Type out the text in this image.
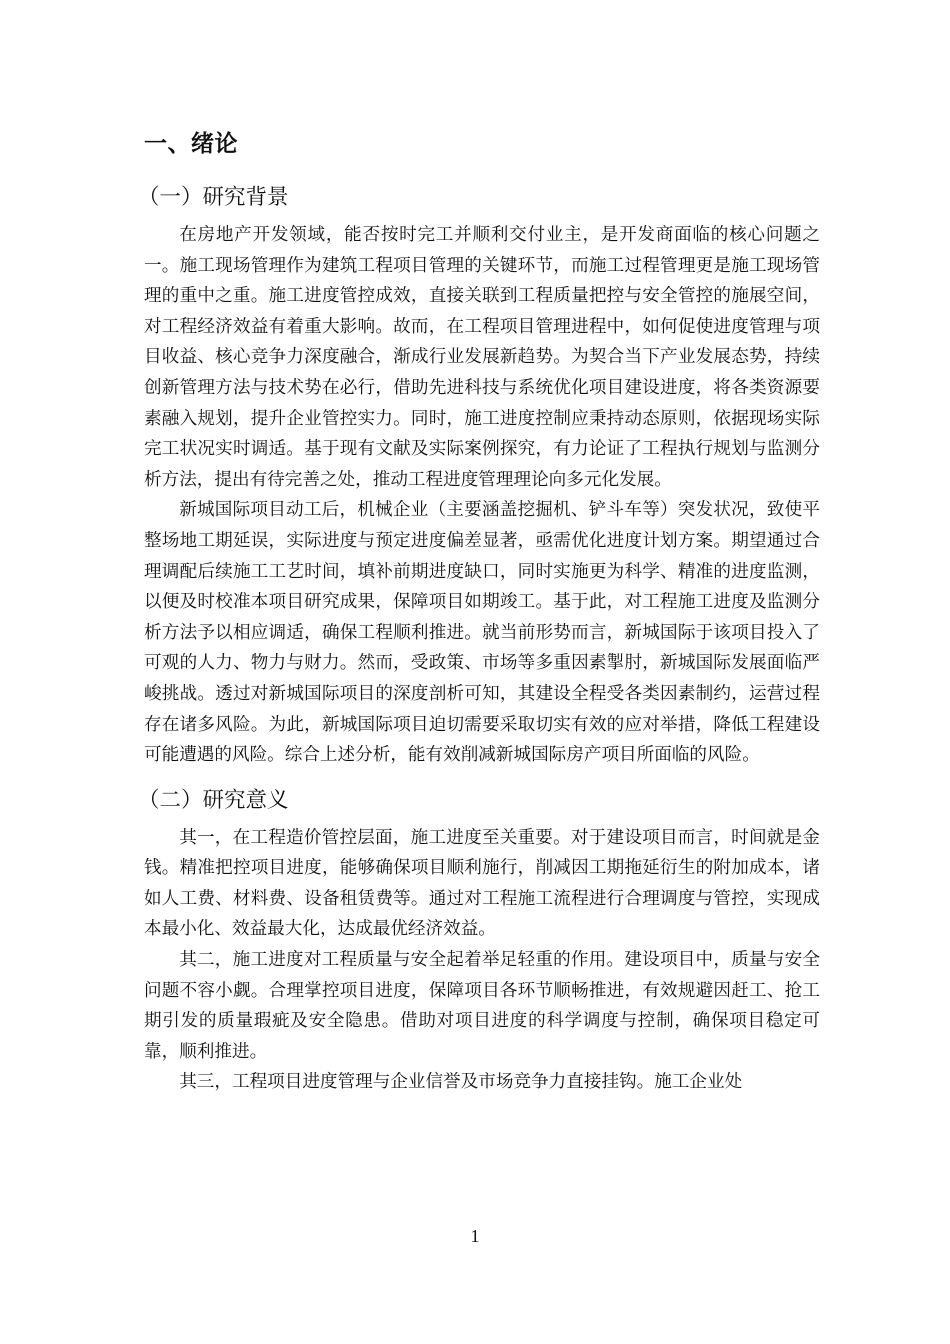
一、绪论
（一）研究背景

在房地产开发领域，能否按时完工并顺利交付业主，是开发商面临的核心问题之一。施工现场管理作为建筑工程项目管理的关键环节，而施工过程管理更是施工现场管理的重中之重。施工进度管控成效，直接关联到工程质量把控与安全管控的施展空间，对工程经济效益有着重大影响。故而，在工程项目管理进程中，如何促使进度管理与项目收益、核心竞争力深度融合，渐成行业发展新趋势。为契合当下产业发展态势，持续创新管理方法与技术势在必行，借助先进科技与系统优化项目建设进度，将各类资源要素融入规划，提升企业管控实力。同时，施工进度控制应秉持动态原则，依据现场实际完工状况实时调适。基于现有文献及实际案例探究，有力论证了工程执行规划与监测分析方法，提出有待完善之处，推动工程进度管理理论向多元化发展。

新城国际项目动工后，机械企业（主要涵盖挖掘机、铲斗车等）突发状况，致使平整场地工期延误，实际进度与预定进度偏差显著，亟需优化进度计划方案。期望通过合理调配后续施工工艺时间，填补前期进度缺口，同时实施更为科学、精准的进度监测，以便及时校准本项目研究成果，保障项目如期竣工。基于此，对工程施工进度及监测分析方法予以相应调适，确保工程顺利推进。就当前形势而言，新城国际于该项目投入了可观的人力、物力与财力。然而，受政策、市场等多重因素掣肘，新城国际发展面临严峻挑战。透过对新城国际项目的深度剖析可知，其建设全程受各类因素制约，运营过程存在诸多风险。为此，新城国际项目迫切需要采取切实有效的应对举措，降低工程建设可能遭遇的风险。综合上述分析，能有效削减新城国际房产项目所面临的风险。

（二）研究意义

其一，在工程造价管控层面，施工进度至关重要。对于建设项目而言，时间就是金钱。精准把控项目进度，能够确保项目顺利施行，削减因工期拖延衍生的附加成本，诸如人工费、材料费、设备租赁费等。通过对工程施工流程进行合理调度与管控，实现成本最小化、效益最大化，达成最优经济效益。

其二，施工进度对工程质量与安全起着举足轻重的作用。建设项目中，质量与安全问题不容小觑。合理掌控项目进度，保障项目各环节顺畅推进，有效规避因赶工、抢工期引发的质量瑕疵及安全隐患。借助对项目进度的科学调度与控制，确保项目稳定可靠，顺利推进。

其三，工程项目进度管理与企业信誉及市场竞争力直接挂钩。施工企业处

1
